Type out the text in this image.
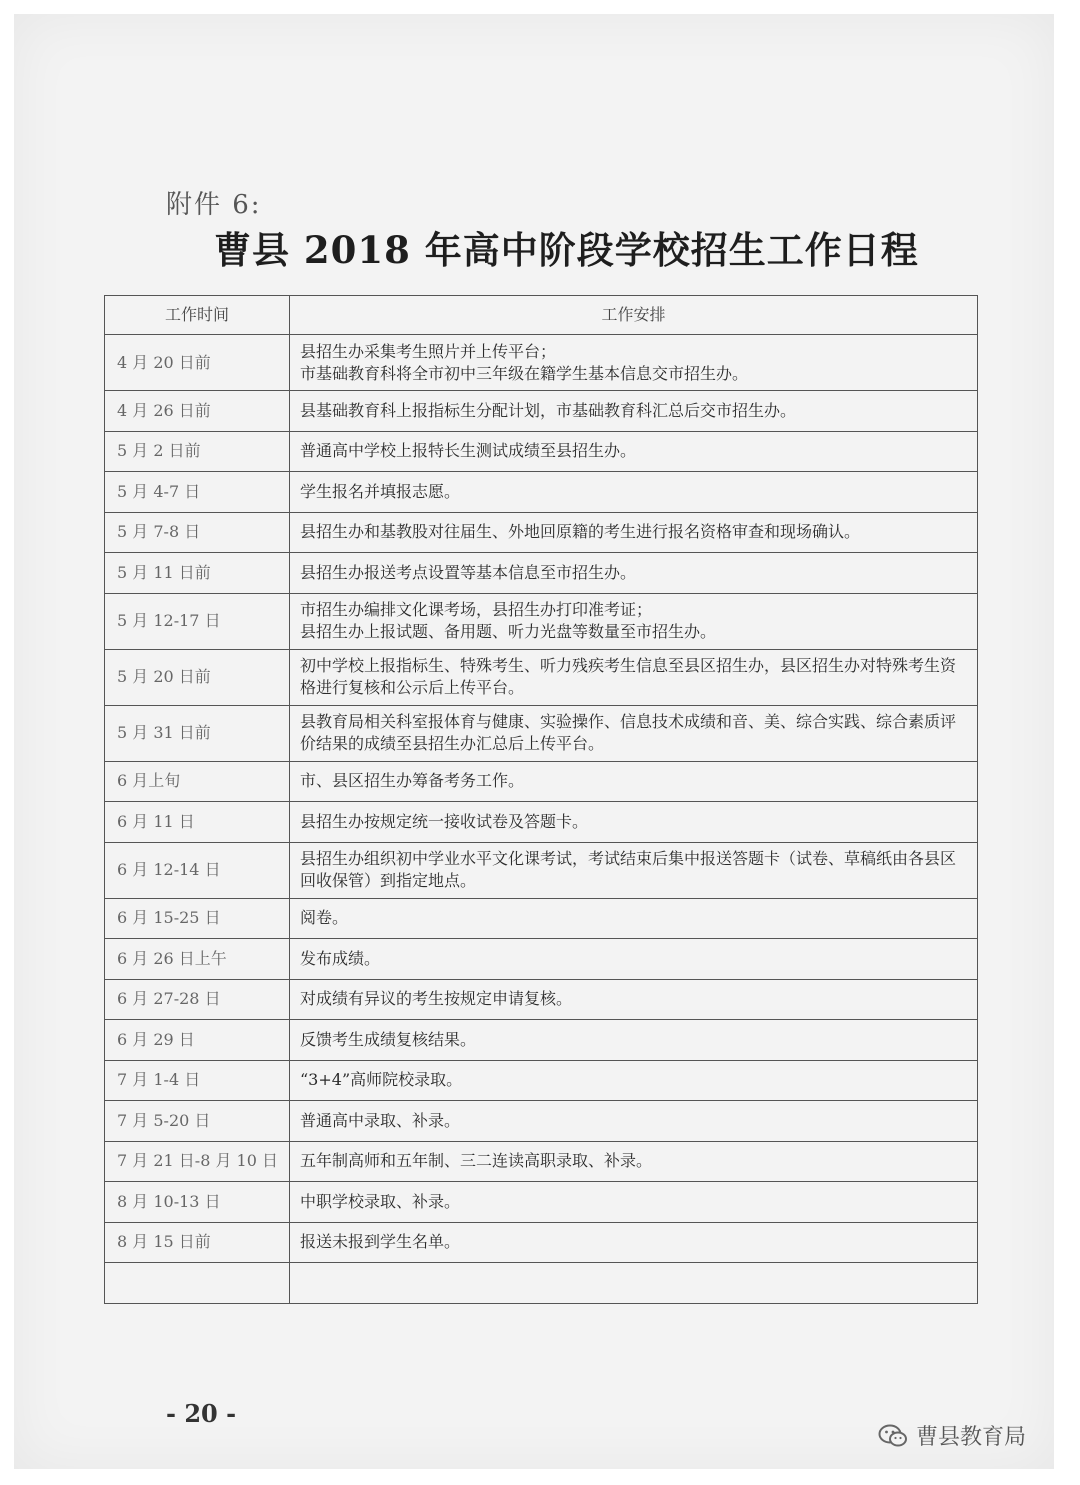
附件 6:
曹县 2018 年高中阶段学校招生工作日程
- 20 -
工作时间	工作安排
4 月 20 日前	县招生办采集考生照片并上传平台；
市基础教育科将全市初中三年级在籍学生基本信息交市招生办。
4 月 26 日前	县基础教育科上报指标生分配计划，市基础教育科汇总后交市招生办。
5 月 2 日前	普通高中学校上报特长生测试成绩至县招生办。
5 月 4-7 日	学生报名并填报志愿。
5 月 7-8 日	县招生办和基教股对往届生、外地回原籍的考生进行报名资格审查和现场确认。
5 月 11 日前	县招生办报送考点设置等基本信息至市招生办。
5 月 12-17 日	市招生办编排文化课考场，县招生办打印准考证；
县招生办上报试题、备用题、听力光盘等数量至市招生办。
5 月 20 日前	初中学校上报指标生、特殊考生、听力残疾考生信息至县区招生办，县区招生办对特殊考生资格进行复核和公示后上传平台。
5 月 31 日前	县教育局相关科室报体育与健康、实验操作、信息技术成绩和音、美、综合实践、综合素质评价结果的成绩至县招生办汇总后上传平台。
6 月上旬	市、县区招生办筹备考务工作。
6 月 11 日	县招生办按规定统一接收试卷及答题卡。
6 月 12-14 日	县招生办组织初中学业水平文化课考试，考试结束后集中报送答题卡（试卷、草稿纸由各县区回收保管）到指定地点。
6 月 15-25 日	阅卷。
6 月 26 日上午	发布成绩。
6 月 27-28 日	对成绩有异议的考生按规定申请复核。
6 月 29 日	反馈考生成绩复核结果。
7 月 1-4 日	“3+4”高师院校录取。
7 月 5-20 日	普通高中录取、补录。
7 月 21 日-8 月 10 日	五年制高师和五年制、三二连读高职录取、补录。
8 月 10-13 日	中职学校录取、补录。
8 月 15 日前	报送未报到学生名单。

曹县教育局
